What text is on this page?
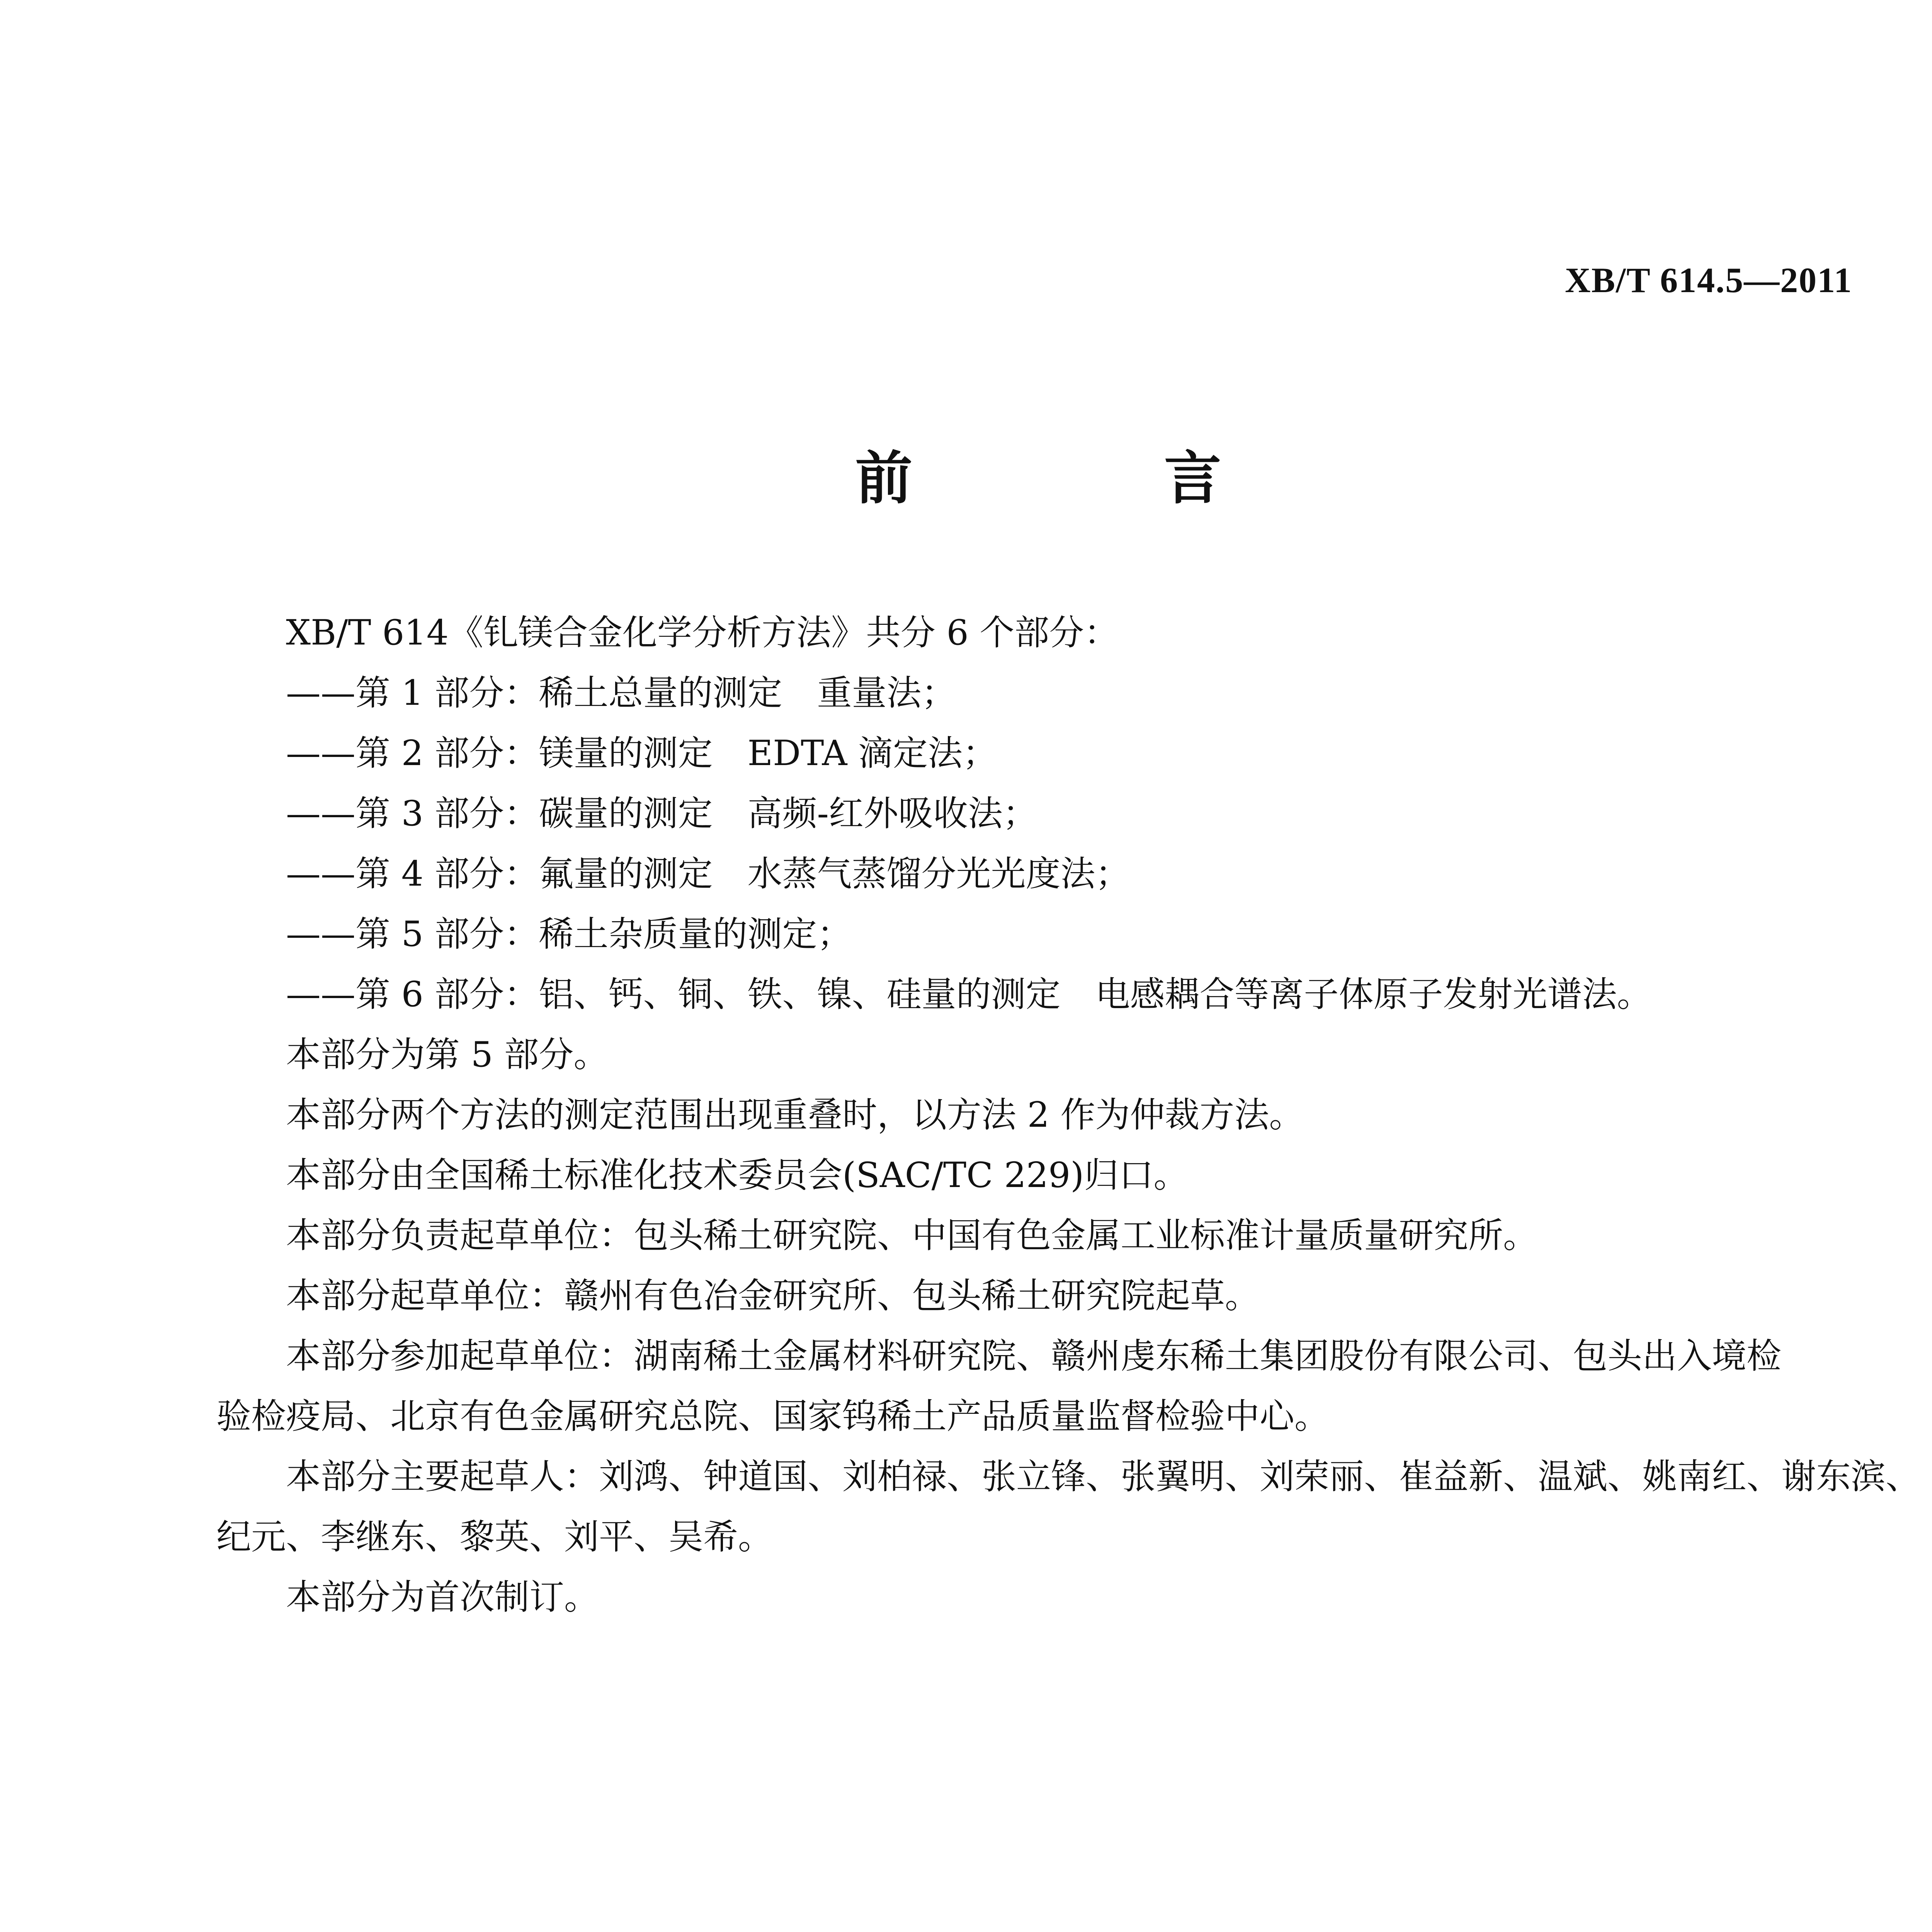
XB/T 614.5—2011
前 言
XB/T 614《钆镁合金化学分析方法》共分 6 个部分：
——第 1 部分：稀土总量的测定　重量法；
——第 2 部分：镁量的测定　EDTA 滴定法；
——第 3 部分：碳量的测定　高频-红外吸收法；
——第 4 部分：氟量的测定　水蒸气蒸馏分光光度法；
——第 5 部分：稀土杂质量的测定；
——第 6 部分：铝、钙、铜、铁、镍、硅量的测定　电感耦合等离子体原子发射光谱法。
本部分为第 5 部分。
本部分两个方法的测定范围出现重叠时，以方法 2 作为仲裁方法。
本部分由全国稀土标准化技术委员会(SAC/TC 229)归口。
本部分负责起草单位：包头稀土研究院、中国有色金属工业标准计量质量研究所。
本部分起草单位：赣州有色冶金研究所、包头稀土研究院起草。
本部分参加起草单位：湖南稀土金属材料研究院、赣州虔东稀土集团股份有限公司、包头出入境检
验检疫局、北京有色金属研究总院、国家钨稀土产品质量监督检验中心。
本部分主要起草人：刘鸿、钟道国、刘柏禄、张立锋、张翼明、刘荣丽、崔益新、温斌、姚南红、谢东滨、
纪元、李继东、黎英、刘平、吴希。
本部分为首次制订。
